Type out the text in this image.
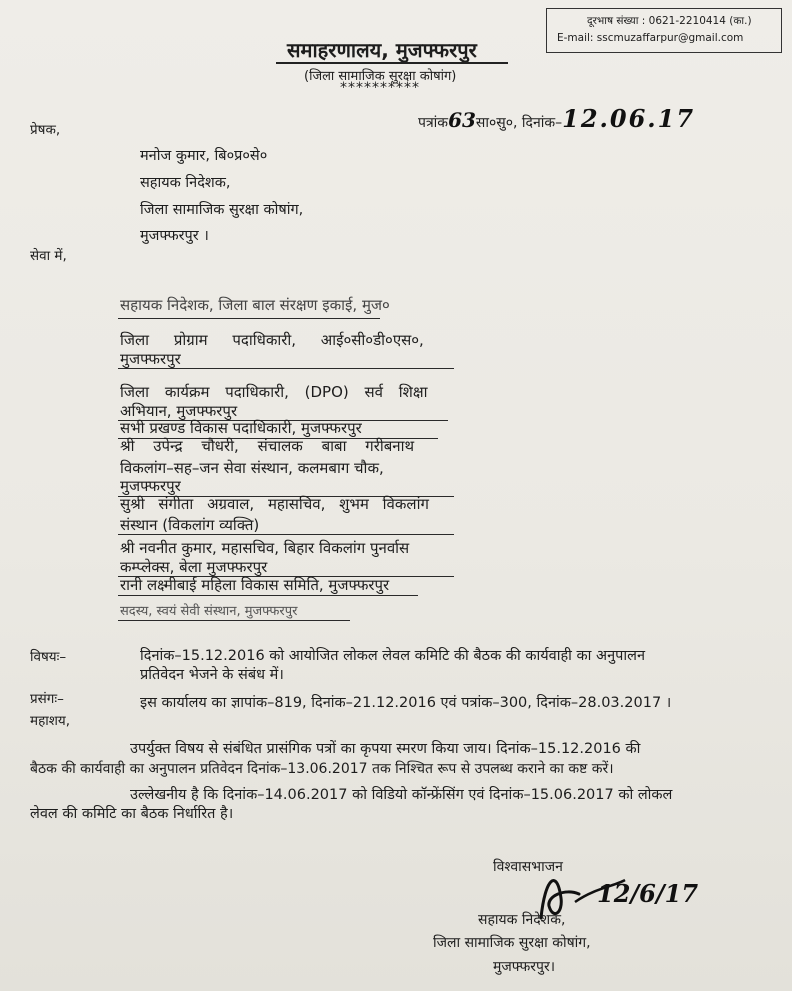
दूरभाष संख्या : 0621-2210414 (का.)
E-mail: sscmuzaffarpur@gmail.com
समाहरणालय, मुजफ्फरपुर
(जिला सामाजिक सुरक्षा कोषांग)
**********
पत्रांक63सा०सु०, दिनांक–12.06.17
प्रेषक,
मनोज कुमार, बि०प्र०से०
सहायक निदेशक,
जिला सामाजिक सुरक्षा कोषांग,
मुजफ्फरपुर ।
सेवा में,
सहायक निदेशक, जिला बाल संरक्षण इकाई, मुज०
जिला प्रोग्राम पदाधिकारी, आई०सी०डी०एस०,
मुजफ्फरपुर
जिला कार्यक्रम पदाधिकारी, (DPO) सर्व शिक्षा
अभियान, मुजफ्फरपुर
सभी प्रखण्ड विकास पदाधिकारी, मुजफ्फरपुर
श्री उपेन्द्र चौधरी, संचालक बाबा गरीबनाथ
विकलांग–सह–जन सेवा संस्थान, कलमबाग चौक,
मुजफ्फरपुर
सुश्री संगीता अग्रवाल, महासचिव, शुभम विकलांग
संस्थान (विकलांग व्यक्ति)
श्री नवनीत कुमार, महासचिव, बिहार विकलांग पुनर्वास
कम्प्लेक्स, बेला मुजफ्फरपुर
रानी लक्ष्मीबाई महिला विकास समिति, मुजफ्फरपुर
सदस्य, स्वयं सेवी संस्थान, मुजफ्फरपुर
विषयः–	दिनांक–15.12.2016 को आयोजित लोकल लेवल कमिटि की बैठक की कार्यवाही का अनुपालन
प्रतिवेदन भेजने के संबंध में।
प्रसंगः–	इस कार्यालय का ज्ञापांक–819, दिनांक–21.12.2016 एवं पत्रांक–300, दिनांक–28.03.2017 ।
महाशय,
उपर्युक्त विषय से संबंधित प्रासंगिक पत्रों का कृपया स्मरण किया जाय। दिनांक–15.12.2016 की
बैठक की कार्यवाही का अनुपालन प्रतिवेदन दिनांक–13.06.2017 तक निश्चित रूप से उपलब्ध कराने का कष्ट करें।
उल्लेखनीय है कि दिनांक–14.06.2017 को विडियो कॉन्फ्रेंसिंग एवं दिनांक–15.06.2017 को लोकल
लेवल की कमिटि का बैठक निर्धारित है।
विश्वासभाजन
12/6/17
सहायक निदेशक,
जिला सामाजिक सुरक्षा कोषांग,
मुजफ्फरपुर।
